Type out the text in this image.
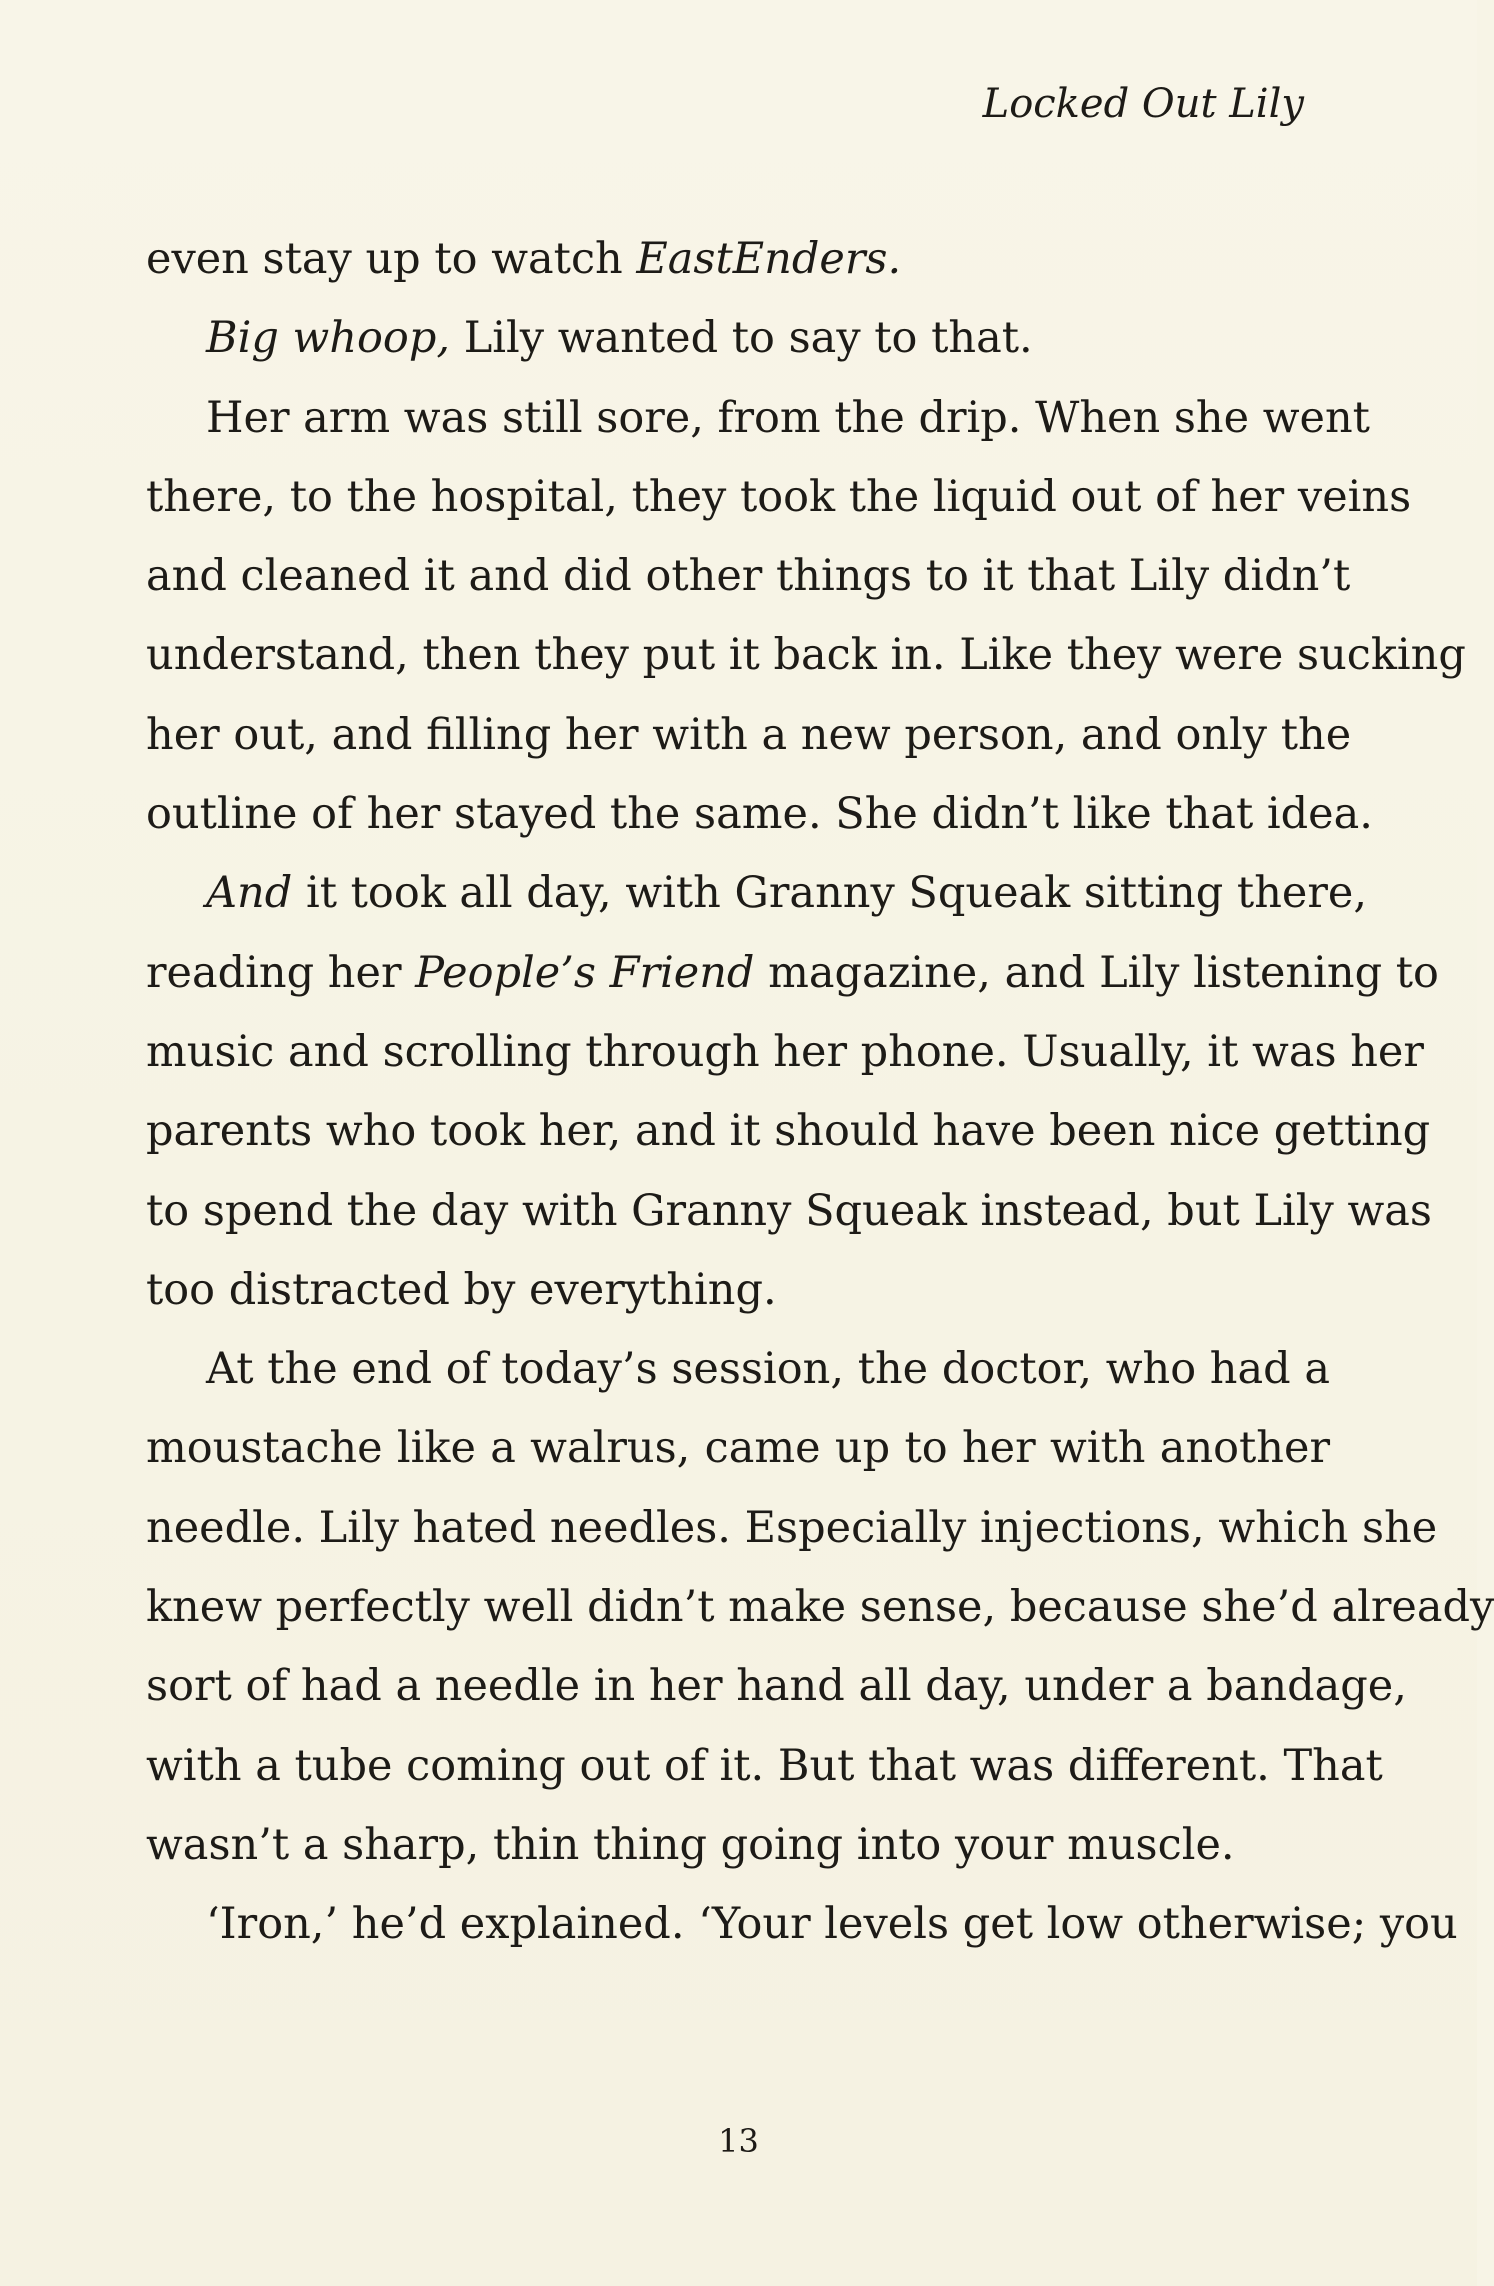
Locked Out Lily
even stay up to watch EastEnders.
Big whoop, Lily wanted to say to that.
Her arm was still sore, from the drip. When she went
there, to the hospital, they took the liquid out of her veins
and cleaned it and did other things to it that Lily didn’t
understand, then they put it back in. Like they were sucking
her out, and filling her with a new person, and only the
outline of her stayed the same. She didn’t like that idea.
And it took all day, with Granny Squeak sitting there,
reading her People’s Friend magazine, and Lily listening to
music and scrolling through her phone. Usually, it was her
parents who took her, and it should have been nice getting
to spend the day with Granny Squeak instead, but Lily was
too distracted by everything.
At the end of today’s session, the doctor, who had a
moustache like a walrus, came up to her with another
needle. Lily hated needles. Especially injections, which she
knew perfectly well didn’t make sense, because she’d already
sort of had a needle in her hand all day, under a bandage,
with a tube coming out of it. But that was different. That
wasn’t a sharp, thin thing going into your muscle.
‘Iron,’ he’d explained. ‘Your levels get low otherwise; you
13
